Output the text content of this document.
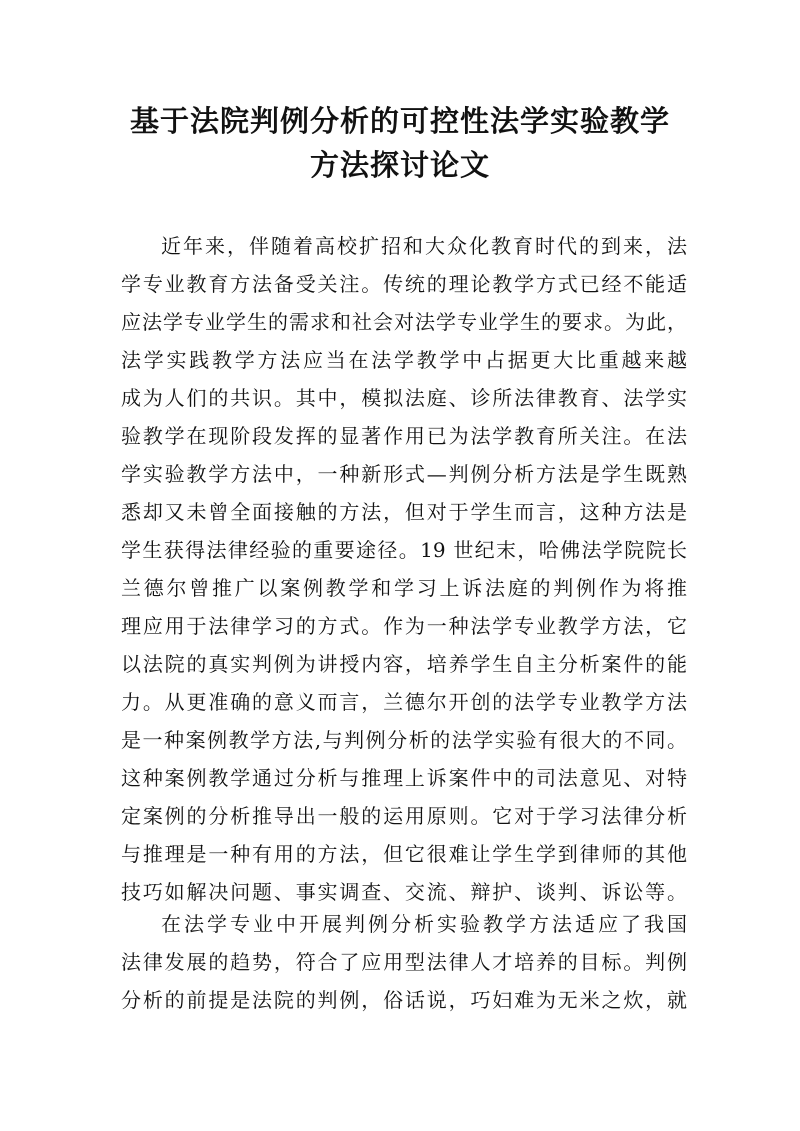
基于法院判例分析的可控性法学实验教学
方法探讨论文
近年来，伴随着高校扩招和大众化教育时代的到来，法
学专业教育方法备受关注。传统的理论教学方式已经不能适
应法学专业学生的需求和社会对法学专业学生的要求。为此，
法学实践教学方法应当在法学教学中占据更大比重越来越
成为人们的共识。其中，模拟法庭、诊所法律教育、法学实
验教学在现阶段发挥的显著作用已为法学教育所关注。在法
学实验教学方法中，一种新形式—判例分析方法是学生既熟
悉却又未曾全面接触的方法，但对于学生而言，这种方法是
学生获得法律经验的重要途径。19 世纪末，哈佛法学院院长
兰德尔曾推广以案例教学和学习上诉法庭的判例作为将推
理应用于法律学习的方式。作为一种法学专业教学方法，它
以法院的真实判例为讲授内容，培养学生自主分析案件的能
力。从更准确的意义而言，兰德尔开创的法学专业教学方法
是一种案例教学方法,与判例分析的法学实验有很大的不同。
这种案例教学通过分析与推理上诉案件中的司法意见、对特
定案例的分析推导出一般的运用原则。它对于学习法律分析
与推理是一种有用的方法，但它很难让学生学到律师的其他
技巧如解决问题、事实调查、交流、辩护、谈判、诉讼等。
在法学专业中开展判例分析实验教学方法适应了我国
法律发展的趋势，符合了应用型法律人才培养的目标。判例
分析的前提是法院的判例，俗话说，巧妇难为无米之炊，就
